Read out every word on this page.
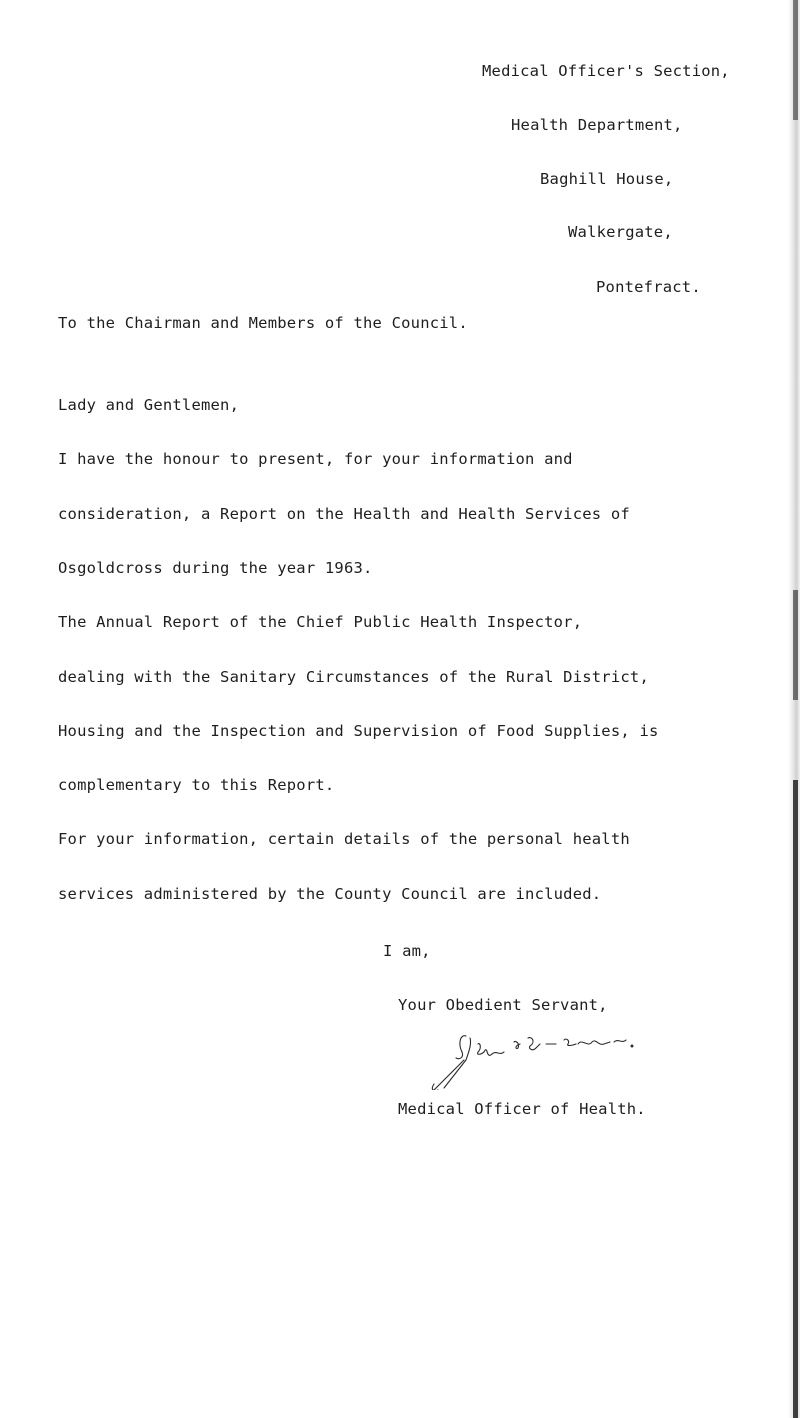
Medical Officer's Section,
Health Department,
Baghill House,
Walkergate,
Pontefract.
To the Chairman and Members of the Council.
Lady and Gentlemen,
I have the honour to present, for your information and
consideration, a Report on the Health and Health Services of
Osgoldcross during the year 1963.
The Annual Report of the Chief Public Health Inspector,
dealing with the Sanitary Circumstances of the Rural District,
Housing and the Inspection and Supervision of Food Supplies, is
complementary to this Report.
For your information, certain details of the personal health
services administered by the County Council are included.
I am,
Your Obedient Servant,
Medical Officer of Health.
